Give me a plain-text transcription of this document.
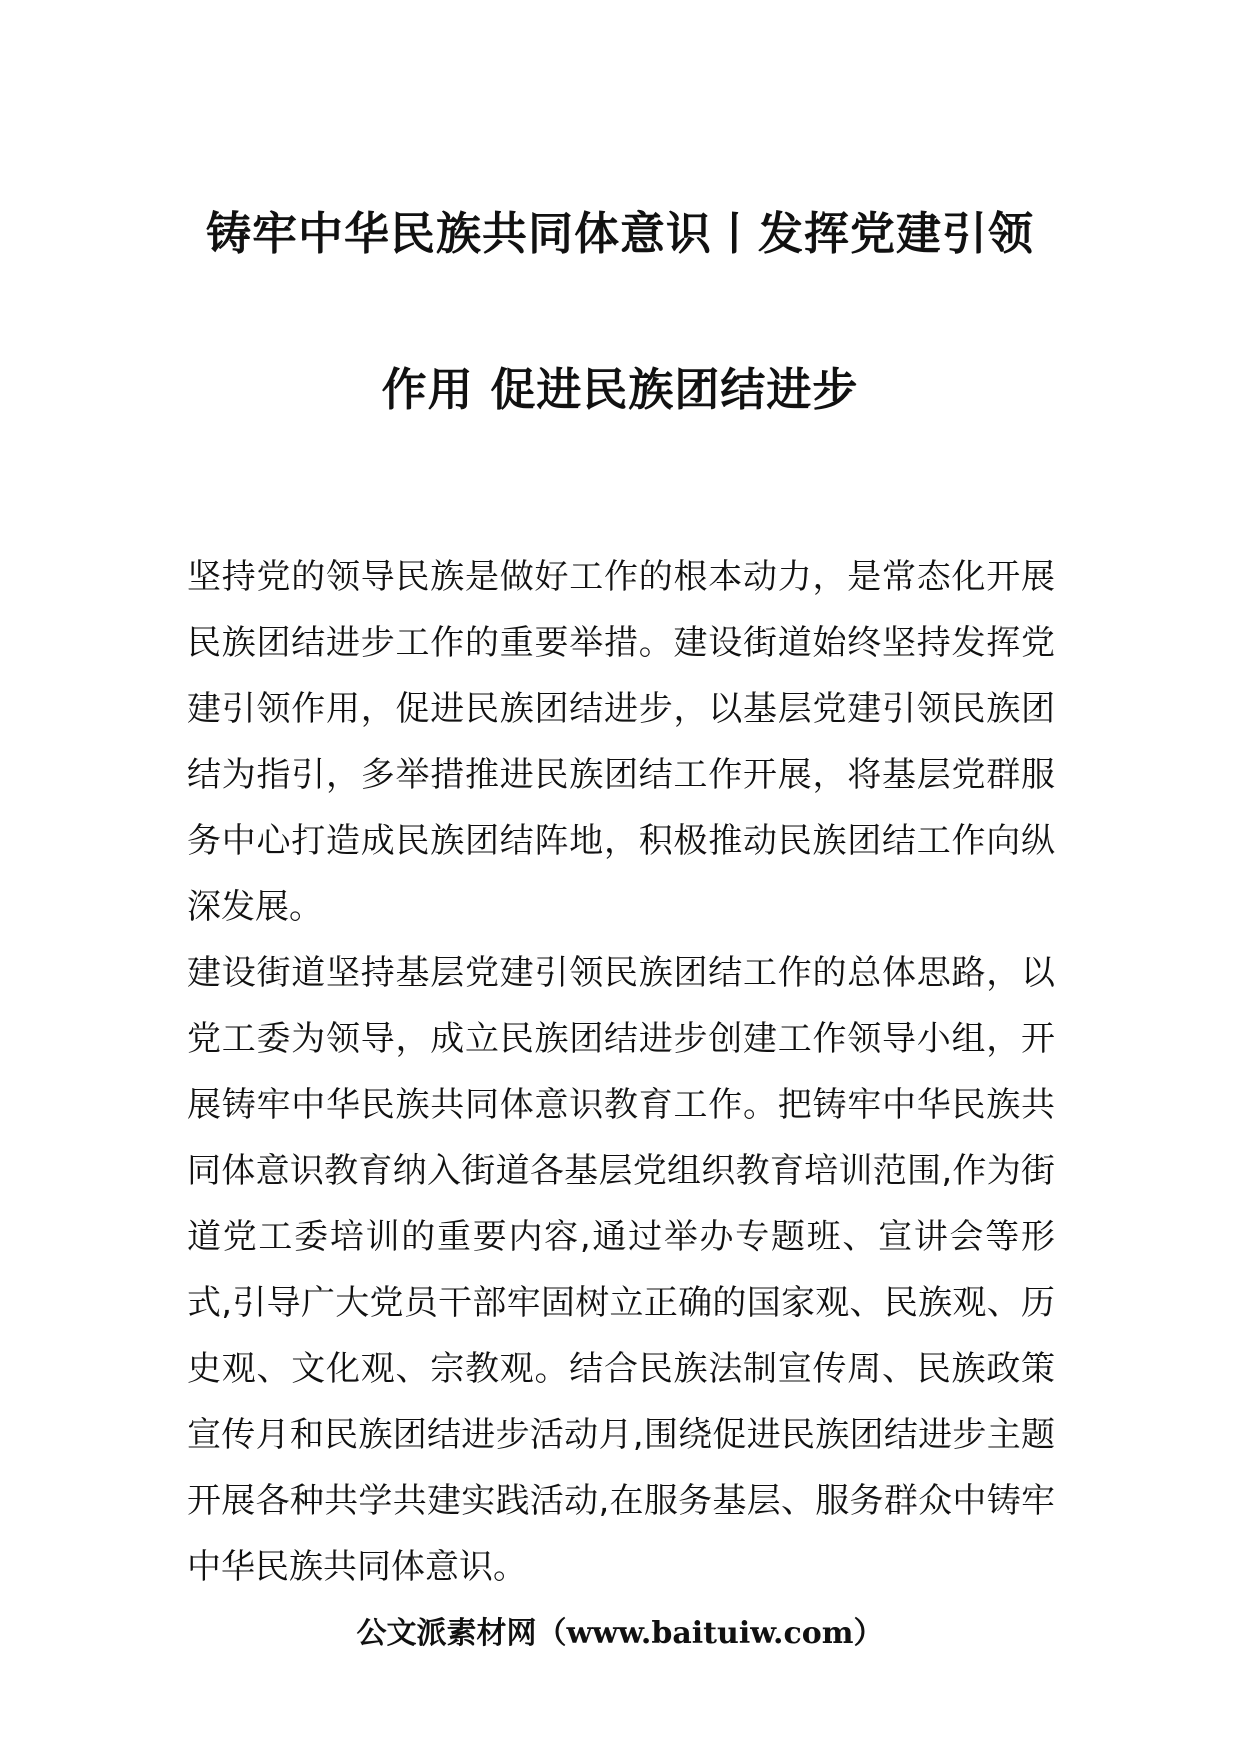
铸牢中华民族共同体意识丨发挥党建引领
作用 促进民族团结进步

坚持党的领导民族是做好工作的根本动力，是常态化开展民族团结进步工作的重要举措。建设街道始终坚持发挥党建引领作用，促进民族团结进步，以基层党建引领民族团结为指引，多举措推进民族团结工作开展，将基层党群服务中心打造成民族团结阵地，积极推动民族团结工作向纵深发展。

建设街道坚持基层党建引领民族团结工作的总体思路，以党工委为领导，成立民族团结进步创建工作领导小组，开展铸牢中华民族共同体意识教育工作。把铸牢中华民族共同体意识教育纳入街道各基层党组织教育培训范围,作为街道党工委培训的重要内容,通过举办专题班、宣讲会等形式,引导广大党员干部牢固树立正确的国家观、民族观、历史观、文化观、宗教观。结合民族法制宣传周、民族政策宣传月和民族团结进步活动月,围绕促进民族团结进步主题开展各种共学共建实践活动,在服务基层、服务群众中铸牢中华民族共同体意识。

公文派素材网（www.baituiw.com）
